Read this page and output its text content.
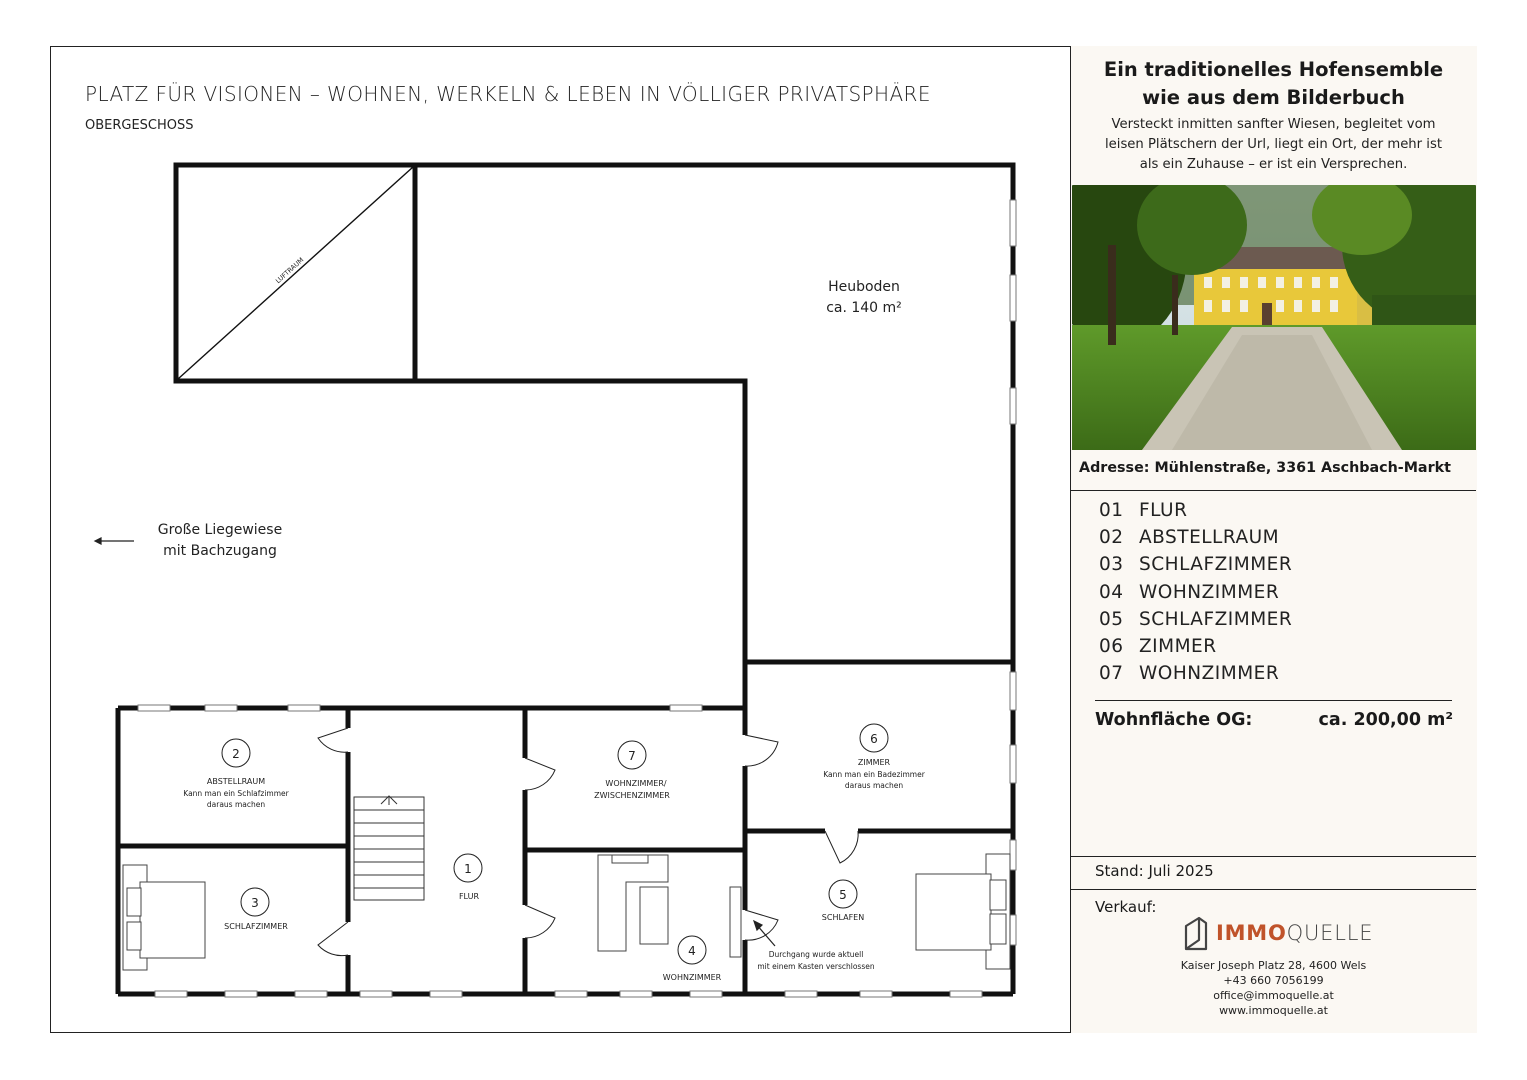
PLATZ FÜR VISIONEN – WOHNEN, WERKELN & LEBEN IN VÖLLIGER PRIVATSPHÄRE
OBERGESCHOSS
LUFTRAUM
Heuboden
ca. 140 m²
Große Liegewiese
mit Bachzugang
2
ABSTELLRAUM
Kann man ein Schlafzimmer
daraus machen
3
SCHLAFZIMMER
1
FLUR
7
WOHNZIMMER/
ZWISCHENZIMMER
4
WOHNZIMMER
6
ZIMMER
Kann man ein Badezimmer
daraus machen
5
SCHLAFEN
Durchgang wurde aktuell
mit einem Kasten verschlossen
Ein traditionelles Hofensemble
wie aus dem Bilderbuch

Versteckt inmitten sanfter Wiesen, begleitet vom
leisen Plätschern der Url, liegt ein Ort, der mehr ist
als ein Zuhause – er ist ein Versprechen.

Adresse: Mühlenstraße, 3361 Aschbach-Markt
01 FLUR
02 ABSTELLRAUM
03 SCHLAFZIMMER
04 WOHNZIMMER
05 SCHLAFZIMMER
06 ZIMMER
07 WOHNZIMMER
Wohnfläche OG:	ca. 200,00 m²
Stand: Juli 2025
Verkauf:
IMMOQUELLE
Kaiser Joseph Platz 28, 4600 Wels
+43 660 7056199
office@immoquelle.at
www.immoquelle.at
